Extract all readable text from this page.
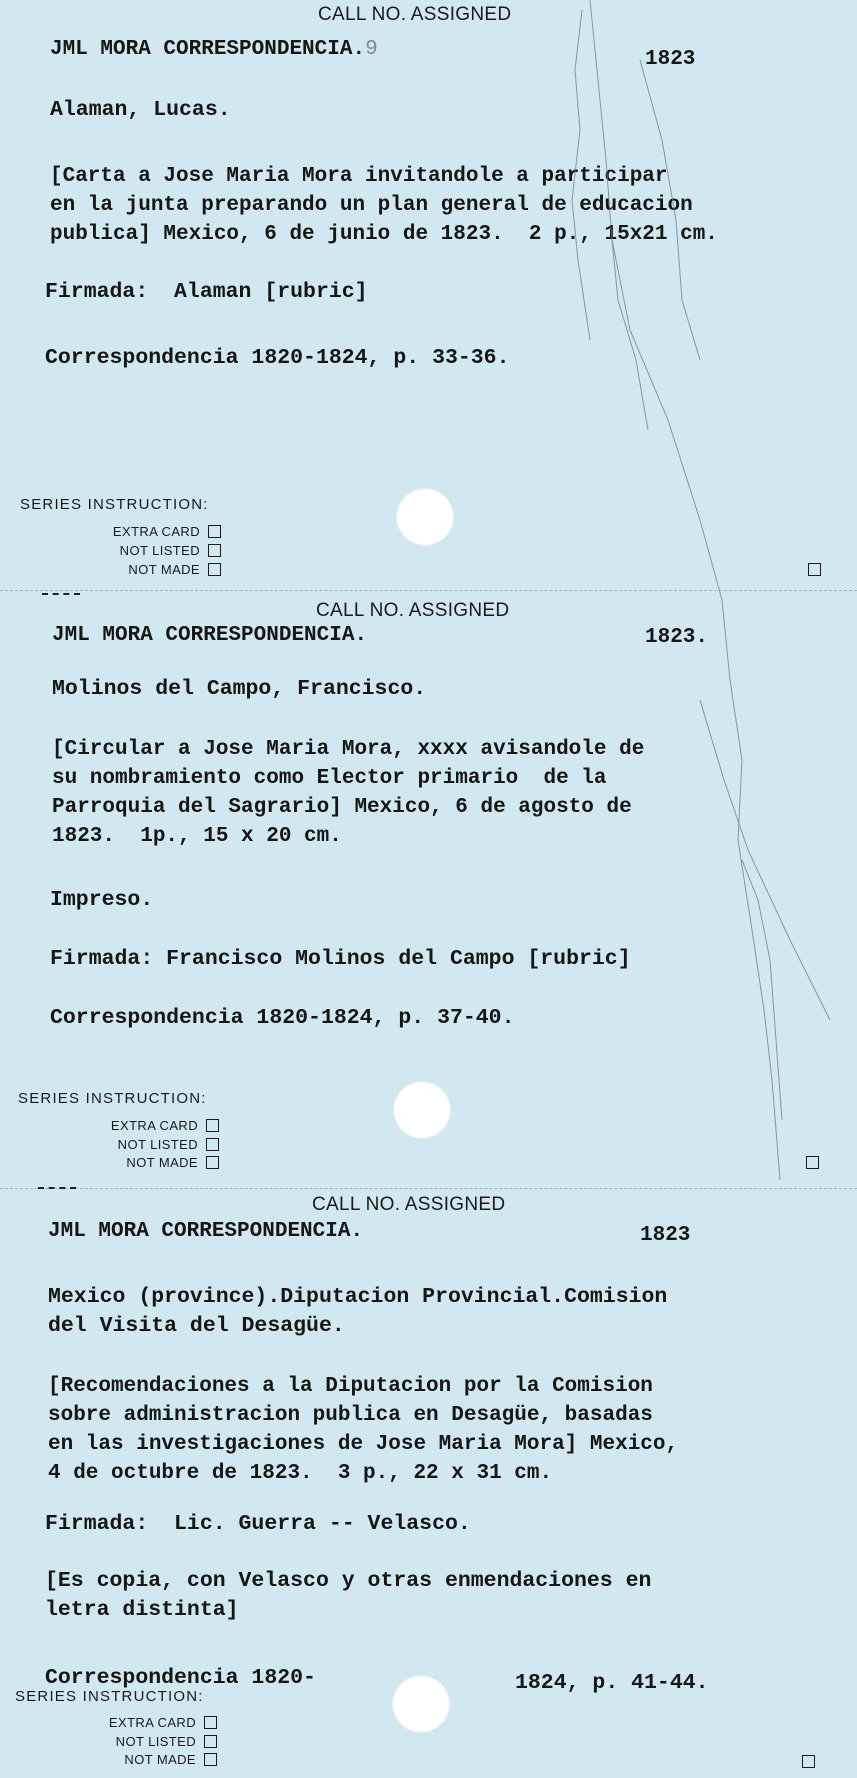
CALL NO. ASSIGNED
JML MORA CORRESPONDENCIA.9	1823
Alaman, Lucas.
[Carta a Jose Maria Mora invitandole a participar
en la junta preparando un plan general de educacion
publica] Mexico, 6 de junio de 1823.  2 p., 15x21 cm.
Firmada:  Alaman [rubric]
Correspondencia 1820-1824, p. 33-36.
SERIES INSTRUCTION:
EXTRA CARD
NOT LISTED
NOT MADE
CALL NO. ASSIGNED
JML MORA CORRESPONDENCIA.	1823.
Molinos del Campo, Francisco.
[Circular a Jose Maria Mora, xxxx avisandole de
su nombramiento como Elector primario  de la
Parroquia del Sagrario] Mexico, 6 de agosto de
1823.  1p., 15 x 20 cm.
Impreso.
Firmada: Francisco Molinos del Campo [rubric]
Correspondencia 1820-1824, p. 37-40.
SERIES INSTRUCTION:
EXTRA CARD
NOT LISTED
NOT MADE
CALL NO. ASSIGNED
JML MORA CORRESPONDENCIA.	1823
Mexico (province).Diputacion Provincial.Comision
del Visita del Desagüe.
[Recomendaciones a la Diputacion por la Comision
sobre administracion publica en Desagüe, basadas
en las investigaciones de Jose Maria Mora] Mexico,
4 de octubre de 1823.  3 p., 22 x 31 cm.
Firmada:  Lic. Guerra -- Velasco.
[Es copia, con Velasco y otras enmendaciones en
letra distinta]
Correspondencia 1820-	1824, p. 41-44.
SERIES INSTRUCTION:
EXTRA CARD
NOT LISTED
NOT MADE
